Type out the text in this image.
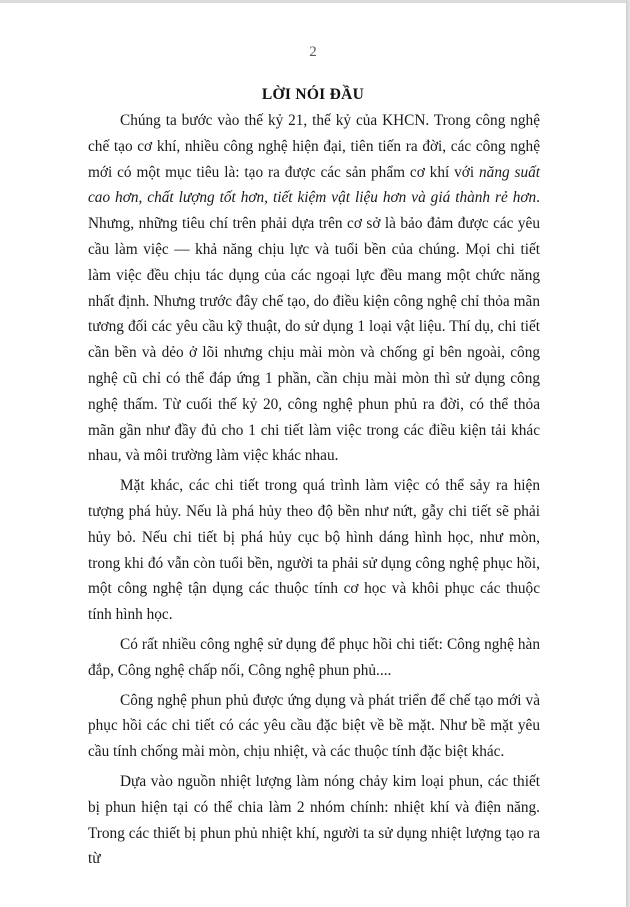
2
LỜI NÓI ĐẦU

Chúng ta bước vào thế kỷ 21, thế kỷ của KHCN. Trong công nghệ chế tạo cơ khí, nhiều công nghệ hiện đại, tiên tiến ra đời, các công nghệ mới có một mục tiêu là: tạo ra được các sản phẩm cơ khí với năng suất cao hơn, chất lượng tốt hơn, tiết kiệm vật liệu hơn và giá thành rẻ hơn. Nhưng, những tiêu chí trên phải dựa trên cơ sở là bảo đảm được các yêu cầu làm việc — khả năng chịu lực và tuổi bền của chúng. Mọi chi tiết làm việc đều chịu tác dụng của các ngoại lực đều mang một chức năng nhất định. Nhưng trước đây chế tạo, do điều kiện công nghệ chỉ thỏa mãn tương đối các yêu cầu kỹ thuật, do sử dụng 1 loại vật liệu. Thí dụ, chi tiết cần bền và dẻo ở lõi nhưng chịu mài mòn và chống gỉ bên ngoài, công nghệ cũ chỉ có thể đáp ứng 1 phần, cần chịu mài mòn thì sử dụng công nghệ thấm. Từ cuối thế kỷ 20, công nghệ phun phủ ra đời, có thể thỏa mãn gần như đầy đủ cho 1 chi tiết làm việc trong các điều kiện tải khác nhau, và môi trường làm việc khác nhau.

Mặt khác, các chi tiết trong quá trình làm việc có thể sảy ra hiện tượng phá hủy. Nếu là phá hủy theo độ bền như nứt, gẫy chi tiết sẽ phải hủy bỏ. Nếu chi tiết bị phá hủy cục bộ hình dáng hình học, như mòn, trong khi đó vẫn còn tuổi bền, người ta phải sử dụng công nghệ phục hồi, một công nghệ tận dụng các thuộc tính cơ học và khôi phục các thuộc tính hình học.

Có rất nhiều công nghệ sử dụng để phục hồi chi tiết: Công nghệ hàn đắp, Công nghệ chấp nối, Công nghệ phun phủ....

Công nghệ phun phủ được ứng dụng và phát triển để chế tạo mới và phục hồi các chi tiết có các yêu cầu đặc biệt về bề mặt. Như bề mặt yêu cầu tính chống mài mòn, chịu nhiệt, và các thuộc tính đặc biệt khác.

Dựa vào nguồn nhiệt lượng làm nóng chảy kim loại phun, các thiết bị phun hiện tại có thể chia làm 2 nhóm chính: nhiệt khí và điện năng. Trong các thiết bị phun phủ nhiệt khí, người ta sử dụng nhiệt lượng tạo ra từ
